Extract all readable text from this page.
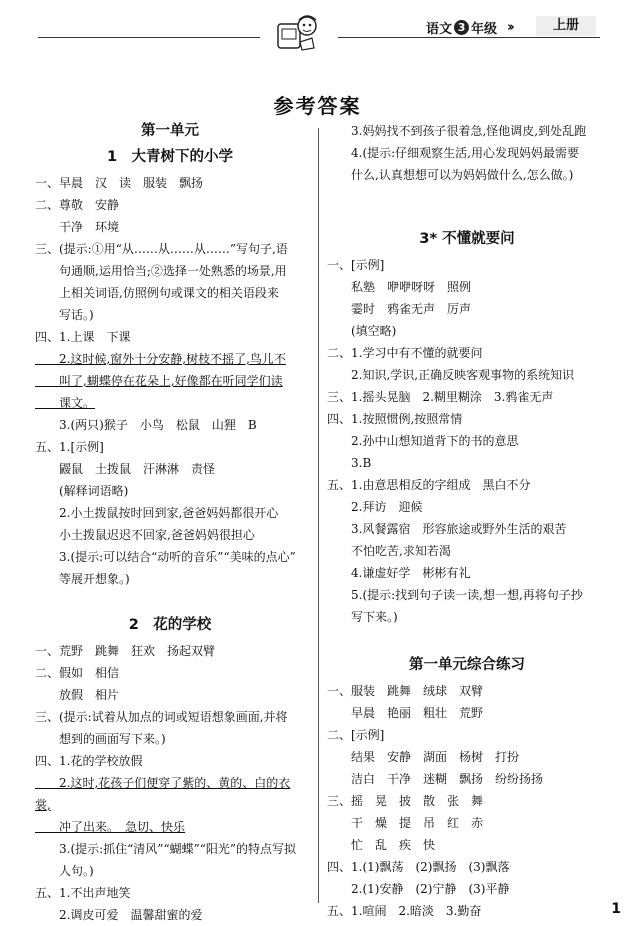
语文 3 年级 ››	上册
参考答案
第一单元
1　大青树下的小学
一、早晨　汉　读　服装　飘扬
二、尊敬　安静
　　干净　环境
三、(提示:①用“从……从……从……”写句子,语
　　句通顺,运用恰当;②选择一处熟悉的场景,用
　　上相关词语,仿照例句或课文的相关语段来
　　写话。)
四、1.上课　下课
　　2.这时候,窗外十分安静,树枝不摇了,鸟儿不
　　叫了,蝴蝶停在花朵上,好像都在听同学们读
　　课文。
　　3.(两只)猴子　小鸟　松鼠　山狸　B
五、1.[示例]
　　鼹鼠　土拨鼠　汗淋淋　责怪
　　(解释词语略)
　　2.小土拨鼠按时回到家,爸爸妈妈都很开心
　　小土拨鼠迟迟不回家,爸爸妈妈很担心
　　3.(提示:可以结合“动听的音乐”“美味的点心”
　　等展开想象。)
2　花的学校
一、荒野　跳舞　狂欢　扬起双臂
二、假如　相信
　　放假　相片
三、(提示:试着从加点的词或短语想象画面,并将
　　想到的画面写下来。)
四、1.花的学校放假
　　2.这时,花孩子们便穿了紫的、黄的、白的衣裳,
　　冲了出来。　急切、快乐
　　3.(提示:抓住“清风”“蝴蝶”“阳光”的特点写拟
　　人句。)
五、1.不出声地笑
　　2.调皮可爱　温馨甜蜜的爱
　　3.妈妈找不到孩子很着急,怪他调皮,到处乱跑
　　4.(提示:仔细观察生活,用心发现妈妈最需要
　　什么,认真想想可以为妈妈做什么,怎么做。)
3* 不懂就要问
一、[示例]
　　私塾　咿咿呀呀　照例
　　霎时　鸦雀无声　厉声
　　(填空略)
二、1.学习中有不懂的就要问
　　2.知识,学识,正确反映客观事物的系统知识
三、1.摇头晃脑　2.糊里糊涂　3.鸦雀无声
四、1.按照惯例,按照常情
　　2.孙中山想知道背下的书的意思
　　3.B
五、1.由意思相反的字组成　黑白不分
　　2.拜访　迎候
　　3.风餐露宿　形容旅途或野外生活的艰苦
　　不怕吃苦,求知若渴
　　4.谦虚好学　彬彬有礼
　　5.(提示:找到句子读一读,想一想,再将句子抄
　　写下来。)
第一单元综合练习
一、服装　跳舞　绒球　双臂
　　早晨　艳丽　粗壮　荒野
二、[示例]
　　结果　安静　湖面　杨树　打扮
　　洁白　干净　迷糊　飘扬　纷纷扬扬
三、摇　晃　披　散　张　舞
　　干　燥　提　吊　红　赤
　　忙　乱　疾　快
四、1.(1)飘荡　(2)飘扬　(3)飘落
　　2.(1)安静　(2)宁静　(3)平静
五、1.喧闹　2.暗淡　3.勤奋	1
